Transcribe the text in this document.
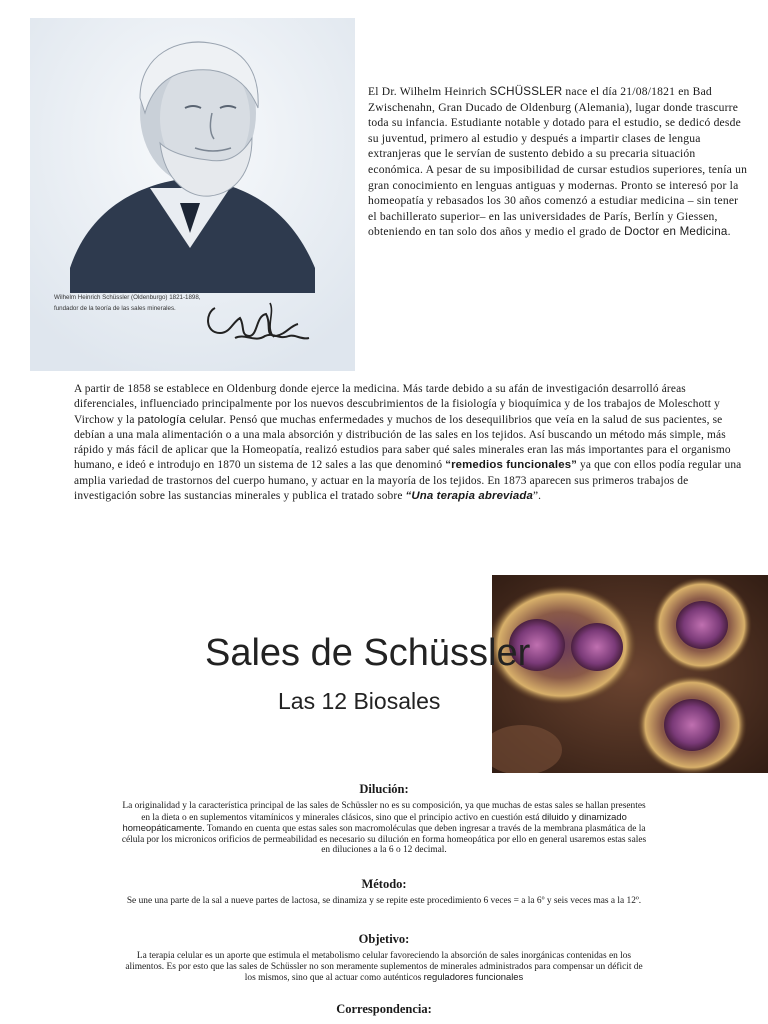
Wilhelm Heinrich Schüssler (Oldenburgo) 1821-1898,
fundador de la teoría de las sales minerales.
El Dr. Wilhelm Heinrich SCHÜSSLER nace el día 21/08/1821 en Bad Zwischenahn, Gran Ducado de Oldenburg (Alemania), lugar donde trascurre toda su infancia. Estudiante notable y dotado para el estudio, se dedicó desde su juventud, primero al estudio y después a impartir clases de lengua extranjeras que le servían de sustento debido a su precaria situación económica. A pesar de su imposibilidad de cursar estudios superiores, tenía un gran conocimiento en lenguas antiguas y modernas. Pronto se interesó por la homeopatía y rebasados los 30 años comenzó a estudiar medicina – sin tener el bachillerato superior– en las universidades de París, Berlín y Giessen, obteniendo en tan solo dos años y medio el grado de Doctor en Medicina.
A partir de 1858 se establece en Oldenburg donde ejerce la medicina. Más tarde debido a su afán de investigación desarrolló áreas diferenciales, influenciado principalmente por los nuevos descubrimientos de la fisiología y bioquímica y de los trabajos de Moleschott y Virchow y la patología celular. Pensó que muchas enfermedades y muchos de los desequilibrios que veía en la salud de sus pacientes, se debían a una mala alimentación o a una mala absorción y distribución de las sales en los tejidos. Así buscando un método más simple, más rápido y más fácil de aplicar que la Homeopatía, realizó estudios para saber qué sales minerales eran las más importantes para el organismo humano, e ideó e introdujo en 1870 un sistema de 12 sales a las que denominó “remedios funcionales” ya que con ellos podía regular una amplia variedad de trastornos del cuerpo humano, y actuar en la mayoría de los tejidos. En 1873 aparecen sus primeros trabajos de investigación sobre las sustancias minerales y publica el tratado sobre “Una terapia abreviada”.
Sales de Schüssler
Las 12 Biosales
Dilución:

La originalidad y la característica principal de las sales de Schüssler no es su composición, ya que muchas de estas sales se hallan presentes en la dieta o en suplementos vitamínicos y minerales clásicos, sino que el principio activo en cuestión está diluido y dinamizado homeopáticamente. Tomando en cuenta que estas sales son macromoléculas que deben ingresar a través de la membrana plasmática de la célula por los micronicos orificios de permeabilidad es necesario su dilución en forma homeopática por ello en general usaremos estas sales en diluciones a la 6 o 12 decimal.

Método:

Se une una parte de la sal a nueve partes de lactosa, se dinamiza y se repite este procedimiento 6 veces = a la 6º y seis veces mas a la 12º.

Objetivo:

La terapia celular es un aporte que estimula el metabolismo celular favoreciendo la absorción de sales inorgánicas contenidas en los alimentos. Es por esto que las sales de Schüssler no son meramente suplementos de minerales administrados para compensar un déficit de los mismos, sino que al actuar como auténticos reguladores funcionales

Correspondencia:
